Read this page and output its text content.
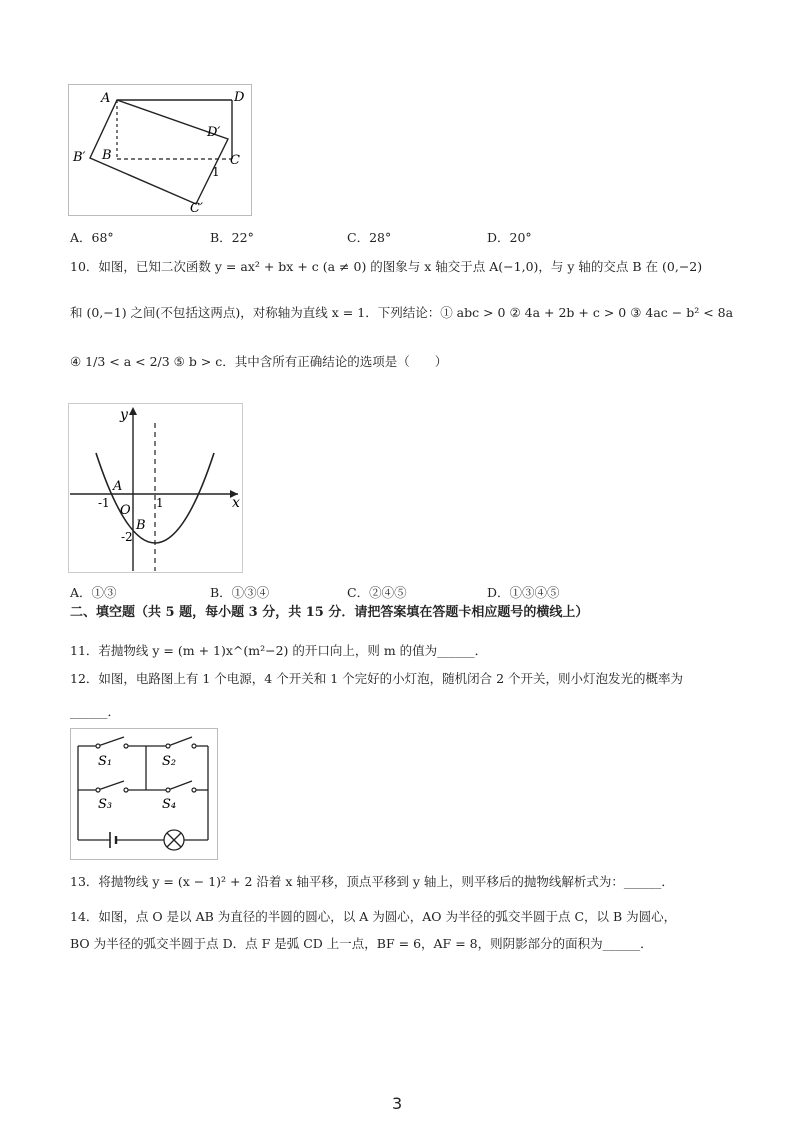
A	D
D′
B′ B	C
1
C′
A．68°	B．22°	C．28°	D．20°
10．如图，已知二次函数 y = ax² + bx + c (a ≠ 0) 的图象与 x 轴交于点 A(−1,0)，与 y 轴的交点 B 在 (0,−2)
和 (0,−1) 之间(不包括这两点)，对称轴为直线 x = 1．下列结论：① abc > 0 ② 4a + 2b + c > 0 ③ 4ac − b² < 8a
④ 1/3 < a < 2/3 ⑤ b > c．其中含所有正确结论的选项是（　　）
y
x
A
-1 O 1
B
-2
A．①③	B．①③④	C．②④⑤	D．①③④⑤
二、填空题（共 5 题，每小题 3 分，共 15 分．请把答案填在答题卡相应题号的横线上）
11．若抛物线 y = (m + 1)x^(m²−2) 的开口向上，则 m 的值为______．
12．如图，电路图上有 1 个电源，4 个开关和 1 个完好的小灯泡，随机闭合 2 个开关，则小灯泡发光的概率为
______．
S₁	S₂
S₃	S₄
13．将抛物线 y = (x − 1)² + 2 沿着 x 轴平移，顶点平移到 y 轴上，则平移后的抛物线解析式为：______．
14．如图，点 O 是以 AB 为直径的半圆的圆心，以 A 为圆心，AO 为半径的弧交半圆于点 C，以 B 为圆心，
BO 为半径的弧交半圆于点 D．点 F 是弧 CD 上一点，BF = 6，AF = 8，则阴影部分的面积为______．
3
